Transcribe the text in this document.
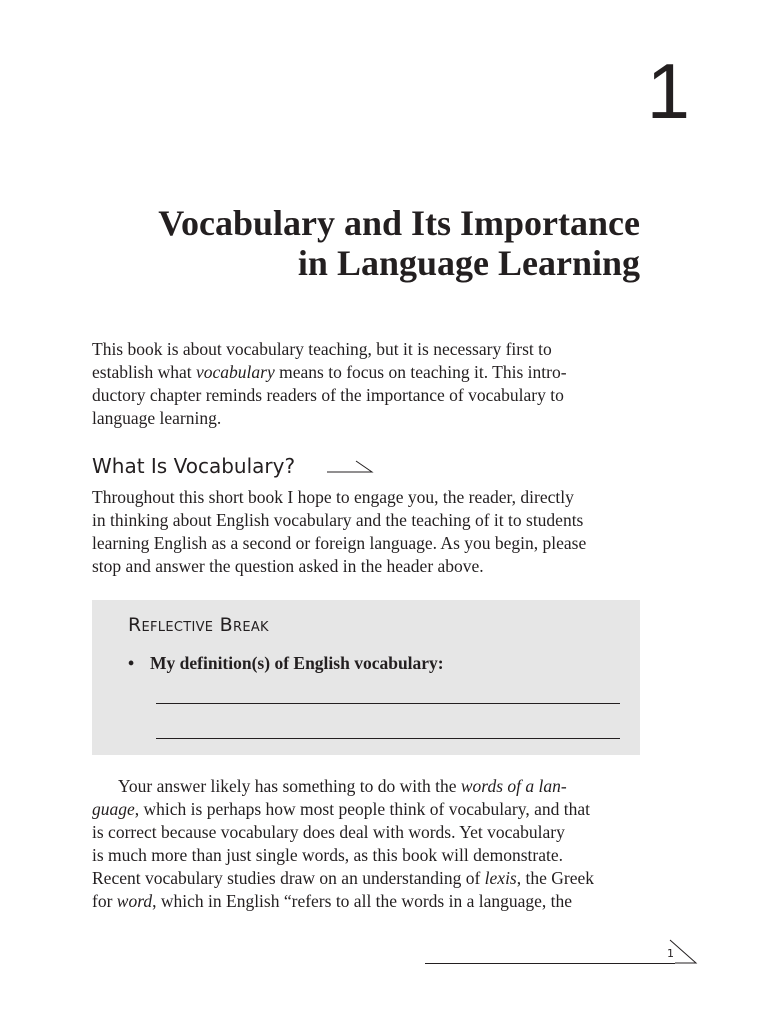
1
Vocabulary and Its Importance
in Language Learning

This book is about vocabulary teaching, but it is necessary first to
establish what vocabulary means to focus on teaching it. This intro-
ductory chapter reminds readers of the importance of vocabulary to
language learning.

What Is Vocabulary?

Throughout this short book I hope to engage you, the reader, directly
in thinking about English vocabulary and the teaching of it to students
learning English as a second or foreign language. As you begin, please
stop and answer the question asked in the header above.

Reflective Break
• My definition(s) of English vocabulary:

Your answer likely has something to do with the words of a lan-
guage, which is perhaps how most people think of vocabulary, and that
is correct because vocabulary does deal with words. Yet vocabulary
is much more than just single words, as this book will demonstrate.
Recent vocabulary studies draw on an understanding of lexis, the Greek
for word, which in English “refers to all the words in a language, the

1
